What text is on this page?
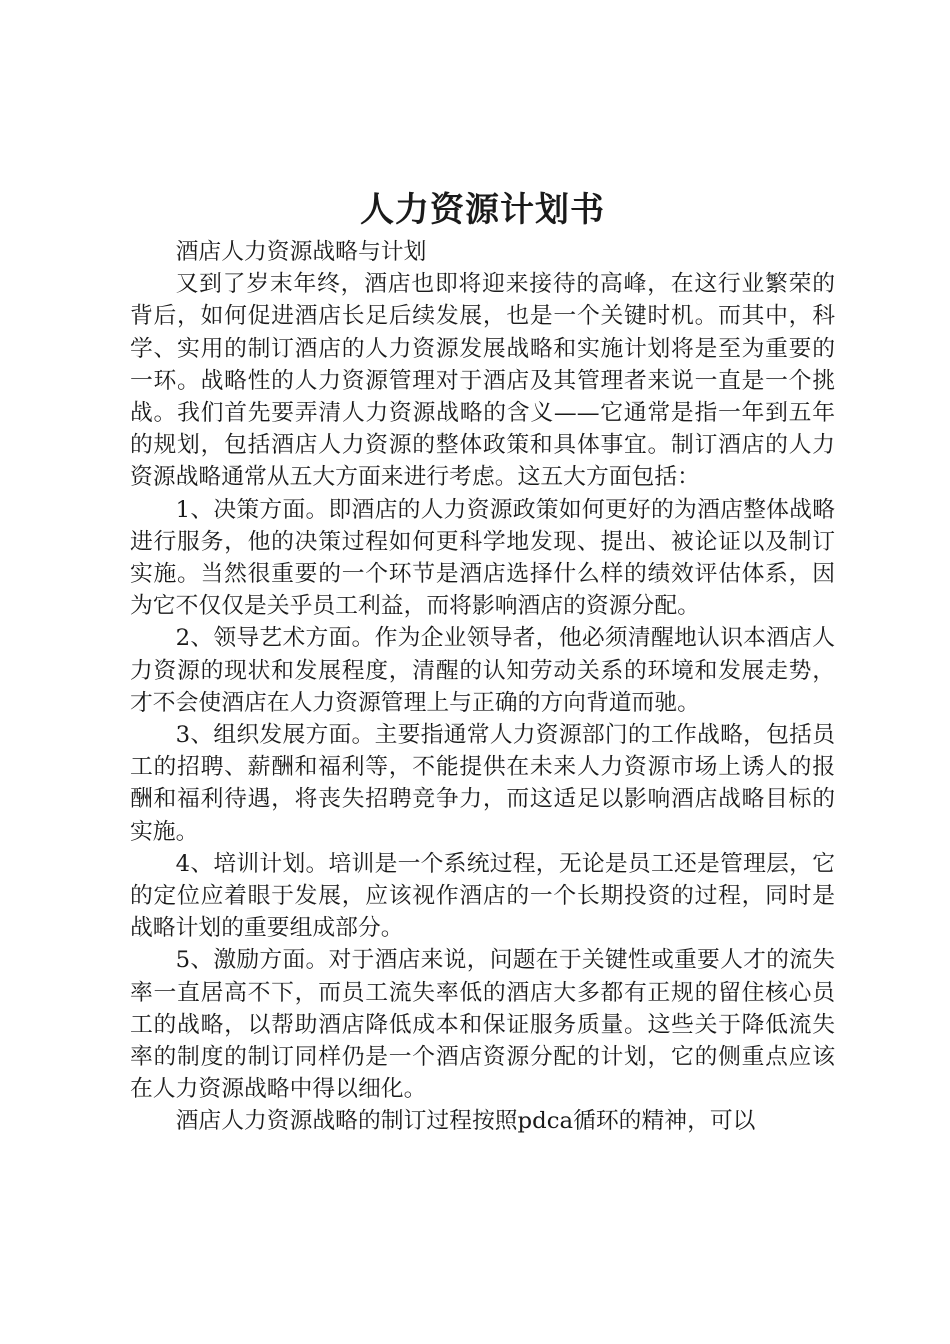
人力资源计划书

酒店人力资源战略与计划

又到了岁末年终，酒店也即将迎来接待的高峰，在这行业繁荣的背后，如何促进酒店长足后续发展，也是一个关键时机。而其中，科学、实用的制订酒店的人力资源发展战略和实施计划将是至为重要的一环。战略性的人力资源管理对于酒店及其管理者来说一直是一个挑战。我们首先要弄清人力资源战略的含义——它通常是指一年到五年的规划，包括酒店人力资源的整体政策和具体事宜。制订酒店的人力资源战略通常从五大方面来进行考虑。这五大方面包括：

1、决策方面。即酒店的人力资源政策如何更好的为酒店整体战略进行服务，他的决策过程如何更科学地发现、提出、被论证以及制订实施。当然很重要的一个环节是酒店选择什么样的绩效评估体系，因为它不仅仅是关乎员工利益，而将影响酒店的资源分配。

2、领导艺术方面。作为企业领导者，他必须清醒地认识本酒店人力资源的现状和发展程度，清醒的认知劳动关系的环境和发展走势，才不会使酒店在人力资源管理上与正确的方向背道而驰。

3、组织发展方面。主要指通常人力资源部门的工作战略，包括员工的招聘、薪酬和福利等，不能提供在未来人力资源市场上诱人的报酬和福利待遇，将丧失招聘竞争力，而这适足以影响酒店战略目标的实施。

4、培训计划。培训是一个系统过程，无论是员工还是管理层，它的定位应着眼于发展，应该视作酒店的一个长期投资的过程，同时是战略计划的重要组成部分。

5、激励方面。对于酒店来说，问题在于关键性或重要人才的流失率一直居高不下，而员工流失率低的酒店大多都有正规的留住核心员工的战略，以帮助酒店降低成本和保证服务质量。这些关于降低流失率的制度的制订同样仍是一个酒店资源分配的计划，它的侧重点应该在人力资源战略中得以细化。

酒店人力资源战略的制订过程按照pdca循环的精神，可以
